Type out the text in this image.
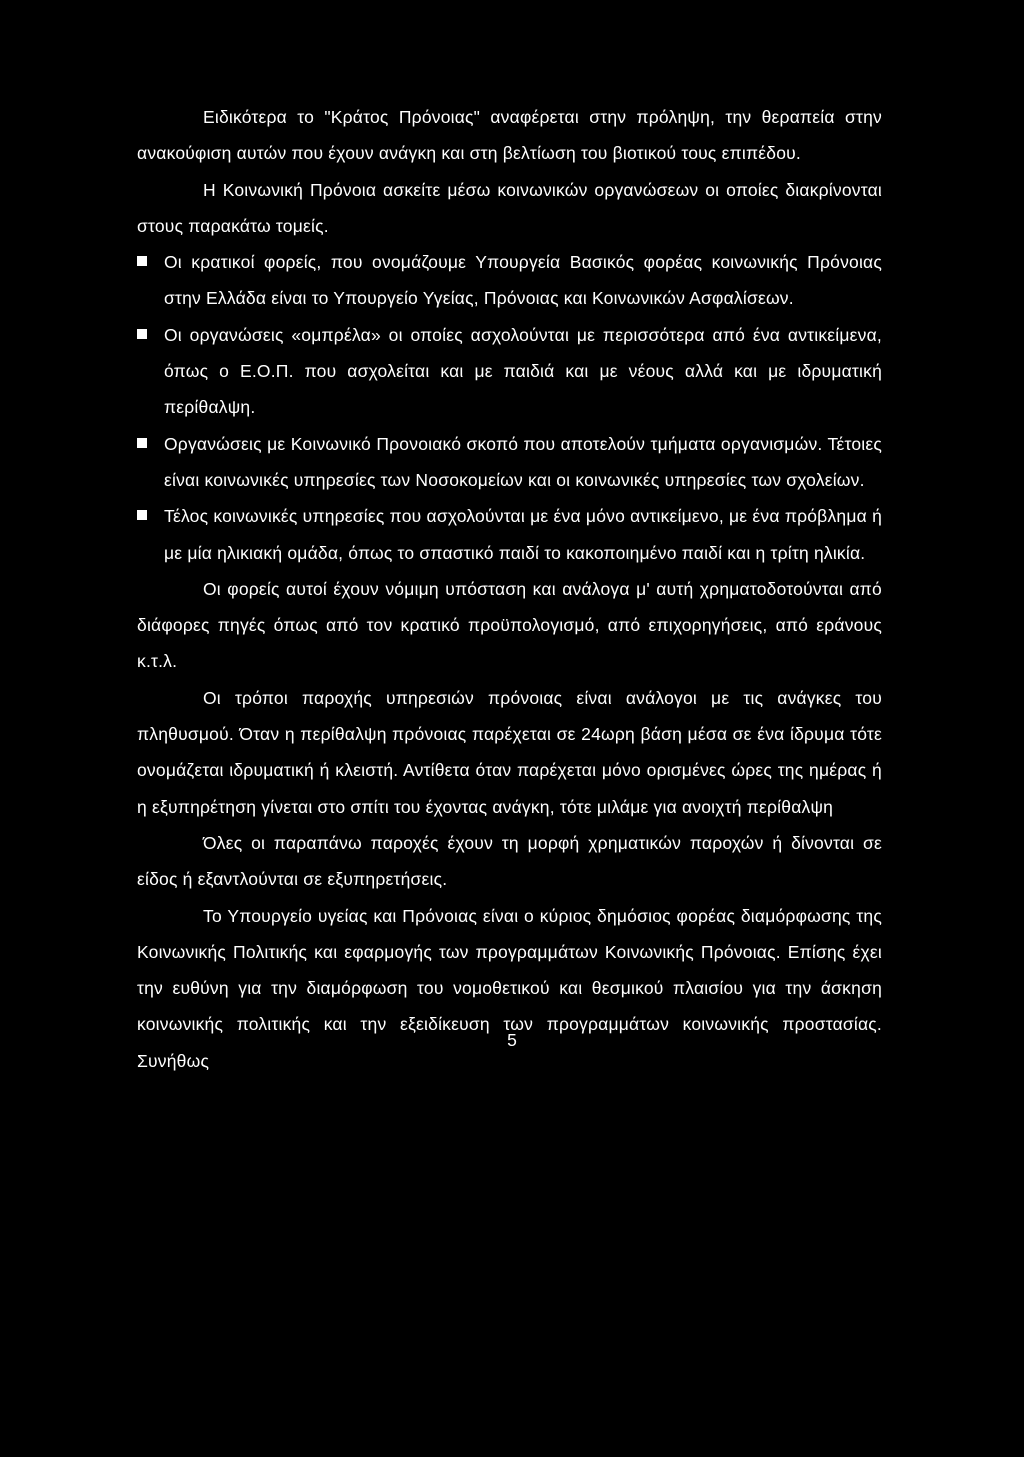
Ειδικότερα το "Κράτος Πρόνοιας" αναφέρεται στην πρόληψη, την θεραπεία στην ανακούφιση αυτών που έχουν ανάγκη και στη βελτίωση του βιοτικού τους επιπέδου.

Η Κοινωνική Πρόνοια ασκείτε μέσω κοινωνικών οργανώσεων οι οποίες διακρίνονται στους παρακάτω τομείς.

Οι κρατικοί φορείς, που ονομάζουμε Υπουργεία Βασικός φορέας κοινωνικής Πρόνοιας στην Ελλάδα είναι το Υπουργείο Υγείας, Πρόνοιας και Κοινωνικών Ασφαλίσεων.
Οι οργανώσεις «ομπρέλα» οι οποίες ασχολούνται με περισσότερα από ένα αντικείμενα, όπως ο Ε.Ο.Π. που ασχολείται και με παιδιά και με νέους αλλά και με ιδρυματική περίθαλψη.
Οργανώσεις με Κοινωνικό Προνοιακό σκοπό που αποτελούν τμήματα οργανισμών. Τέτοιες είναι κοινωνικές υπηρεσίες των Νοσοκομείων και οι κοινωνικές υπηρεσίες των σχολείων.
Τέλος κοινωνικές υπηρεσίες που ασχολούνται με ένα μόνο αντικείμενο, με ένα πρόβλημα ή με μία ηλικιακή ομάδα, όπως το σπαστικό παιδί το κακοποιημένο παιδί και η τρίτη ηλικία.

Οι φορείς αυτοί έχουν νόμιμη υπόσταση και ανάλογα μ' αυτή χρηματοδοτούνται από διάφορες πηγές όπως από τον κρατικό προϋπολογισμό, από επιχορηγήσεις, από εράνους κ.τ.λ.

Οι τρόποι παροχής υπηρεσιών πρόνοιας είναι ανάλογοι με τις ανάγκες του πληθυσμού. Όταν η περίθαλψη πρόνοιας παρέχεται σε 24ωρη βάση μέσα σε ένα ίδρυμα τότε ονομάζεται ιδρυματική ή κλειστή. Αντίθετα όταν παρέχεται μόνο ορισμένες ώρες της ημέρας ή η εξυπηρέτηση γίνεται στο σπίτι του έχοντας ανάγκη, τότε μιλάμε για ανοιχτή περίθαλψη

Όλες οι παραπάνω παροχές έχουν τη μορφή χρηματικών παροχών ή δίνονται σε είδος ή εξαντλούνται σε εξυπηρετήσεις.

Το Υπουργείο υγείας και Πρόνοιας είναι ο κύριος δημόσιος φορέας διαμόρφωσης της Κοινωνικής Πολιτικής και εφαρμογής των προγραμμάτων Κοινωνικής Πρόνοιας. Επίσης έχει την ευθύνη για την διαμόρφωση του νομοθετικού και θεσμικού πλαισίου για την άσκηση κοινωνικής πολιτικής και την εξειδίκευση των προγραμμάτων κοινωνικής προστασίας. Συνήθως

5
